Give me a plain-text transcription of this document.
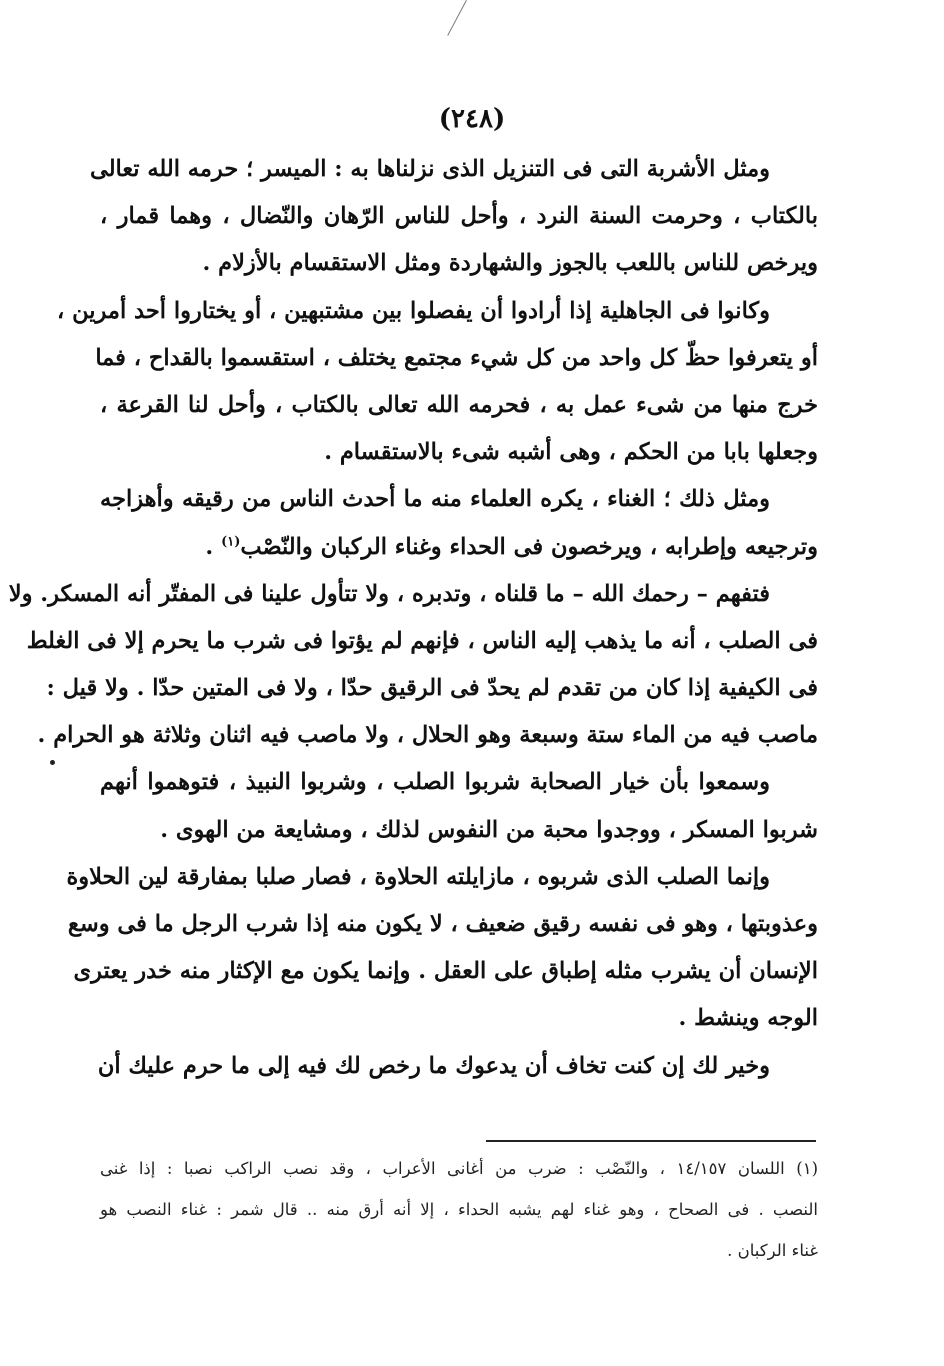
(٢٤٨)
ومثل الأشربة التى فى التنزيل الذى نزلناها به : الميسر ؛ حرمه الله تعالى
بالكتاب ، وحرمت السنة النرد ، وأحل للناس الرّهان والنّضال ، وهما قمار ،
ويرخص للناس باللعب بالجوز والشهاردة ومثل الاستقسام بالأزلام .
وكانوا فى الجاهلية إذا أرادوا أن يفصلوا بين مشتبهين ، أو يختاروا أحد أمرين ،
أو يتعرفوا حظّ كل واحد من كل شيء مجتمع يختلف ، استقسموا بالقداح ، فما
خرج منها من شىء عمل به ، فحرمه الله تعالى بالكتاب ، وأحل لنا القرعة ،
وجعلها بابا من الحكم ، وهى أشبه شىء بالاستقسام .
ومثل ذلك ؛ الغناء ، يكره العلماء منه ما أحدث الناس من رقيقه وأهزاجه
وترجيعه وإطرابه ، ويرخصون فى الحداء وغناء الركبان والنّصْب$^{(١)}$ .
فتفهم – رحمك الله – ما قلناه ، وتدبره ، ولا تتأول علينا فى المفتّر أنه المسكر. ولا
فى الصلب ، أنه ما يذهب إليه الناس ، فإنهم لم يؤتوا فى شرب ما يحرم إلا فى الغلط
فى الكيفية إذا كان من تقدم لم يحدّ فى الرقيق حدّا ، ولا فى المتين حدّا . ولا قيل :
ماصب فيه من الماء ستة وسبعة وهو الحلال ، ولا ماصب فيه اثنان وثلاثة هو الحرام .
وسمعوا بأن خيار الصحابة شربوا الصلب ، وشربوا النبيذ ، فتوهموا أنهم
شربوا المسكر ، ووجدوا محبة من النفوس لذلك ، ومشايعة من الهوى .
وإنما الصلب الذى شربوه ، مازايلته الحلاوة ، فصار صلبا بمفارقة لين الحلاوة
وعذوبتها ، وهو فى نفسه رقيق ضعيف ، لا يكون منه إذا شرب الرجل ما فى وسع
الإنسان أن يشرب مثله إطباق على العقل . وإنما يكون مع الإكثار منه خدر يعترى
الوجه وينشط .
وخير لك إن كنت تخاف أن يدعوك ما رخص لك فيه إلى ما حرم عليك أن
(١) اللسان ١٤/١٥٧ ، والنّصْب : ضرب من أغانى الأعراب ، وقد نصب الراكب نصبا : إذا غنى
النصب . فى الصحاح ، وهو غناء لهم يشبه الحداء ، إلا أنه أرق منه .. قال شمر : غناء النصب هو
غناء الركبان .
